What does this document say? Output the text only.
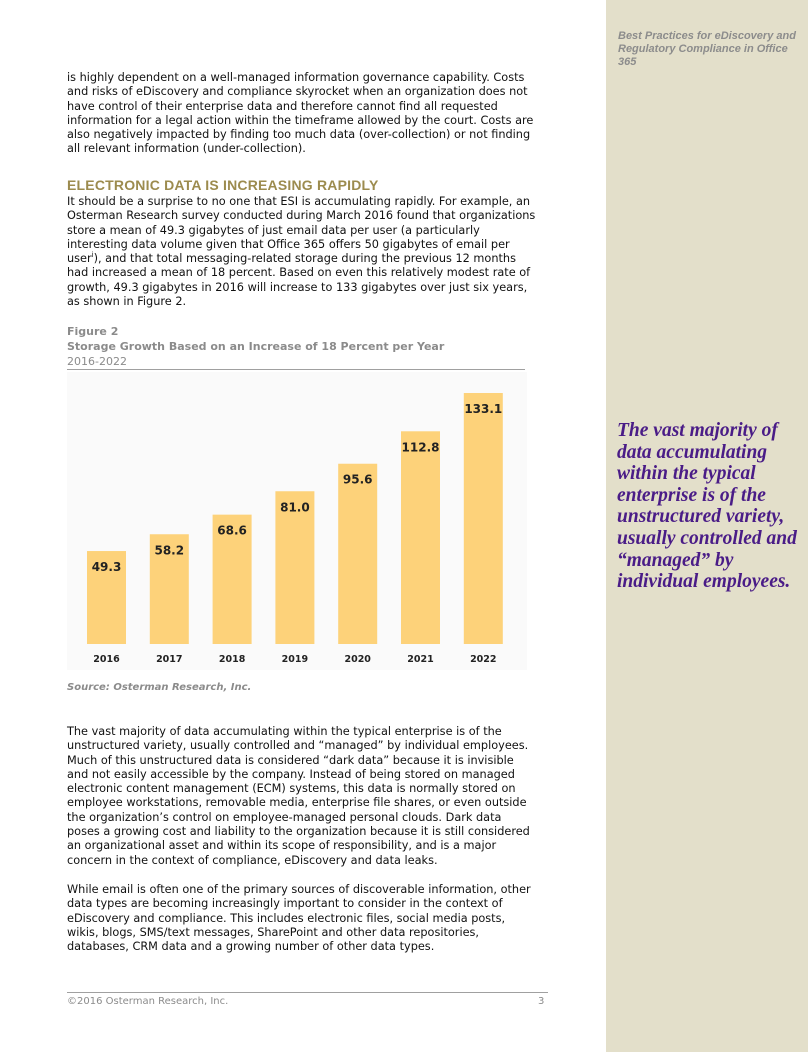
Best Practices for eDiscovery and Regulatory Compliance in Office 365
The vast majority of data accumulating within the typical enterprise is of the unstructured variety, usually controlled and “managed” by individual employees.

is highly dependent on a well-managed information governance capability. Costs and risks of eDiscovery and compliance skyrocket when an organization does not have control of their enterprise data and therefore cannot find all requested information for a legal action within the timeframe allowed by the court. Costs are also negatively impacted by finding too much data (over-collection) or not finding all relevant information (under-collection).

ELECTRONIC DATA IS INCREASING RAPIDLY

It should be a surprise to no one that ESI is accumulating rapidly. For example, an Osterman Research survey conducted during March 2016 found that organizations store a mean of 49.3 gigabytes of just email data per user (a particularly interesting data volume given that Office 365 offers 50 gigabytes of email per user$^i$), and that total messaging-related storage during the previous 12 months had increased a mean of 18 percent. Based on even this relatively modest rate of growth, 49.3 gigabytes in 2016 will increase to 133 gigabytes over just six years, as shown in Figure 2.

Figure 2
Storage Growth Based on an Increase of 18 Percent per Year
2016-2022
49.3
2016
58.2
2017
68.6
2018
81.0
2019
95.6
2020
112.8
2021
133.1
2022
Source: Osterman Research, Inc.

The vast majority of data accumulating within the typical enterprise is of the unstructured variety, usually controlled and “managed” by individual employees. Much of this unstructured data is considered “dark data” because it is invisible and not easily accessible by the company. Instead of being stored on managed electronic content management (ECM) systems, this data is normally stored on employee workstations, removable media, enterprise file shares, or even outside the organization’s control on employee-managed personal clouds. Dark data poses a growing cost and liability to the organization because it is still considered an organizational asset and within its scope of responsibility, and is a major concern in the context of compliance, eDiscovery and data leaks.

While email is often one of the primary sources of discoverable information, other data types are becoming increasingly important to consider in the context of eDiscovery and compliance. This includes electronic files, social media posts, wikis, blogs, SMS/text messages, SharePoint and other data repositories, databases, CRM data and a growing number of other data types.

©2016 Osterman Research, Inc.	3
